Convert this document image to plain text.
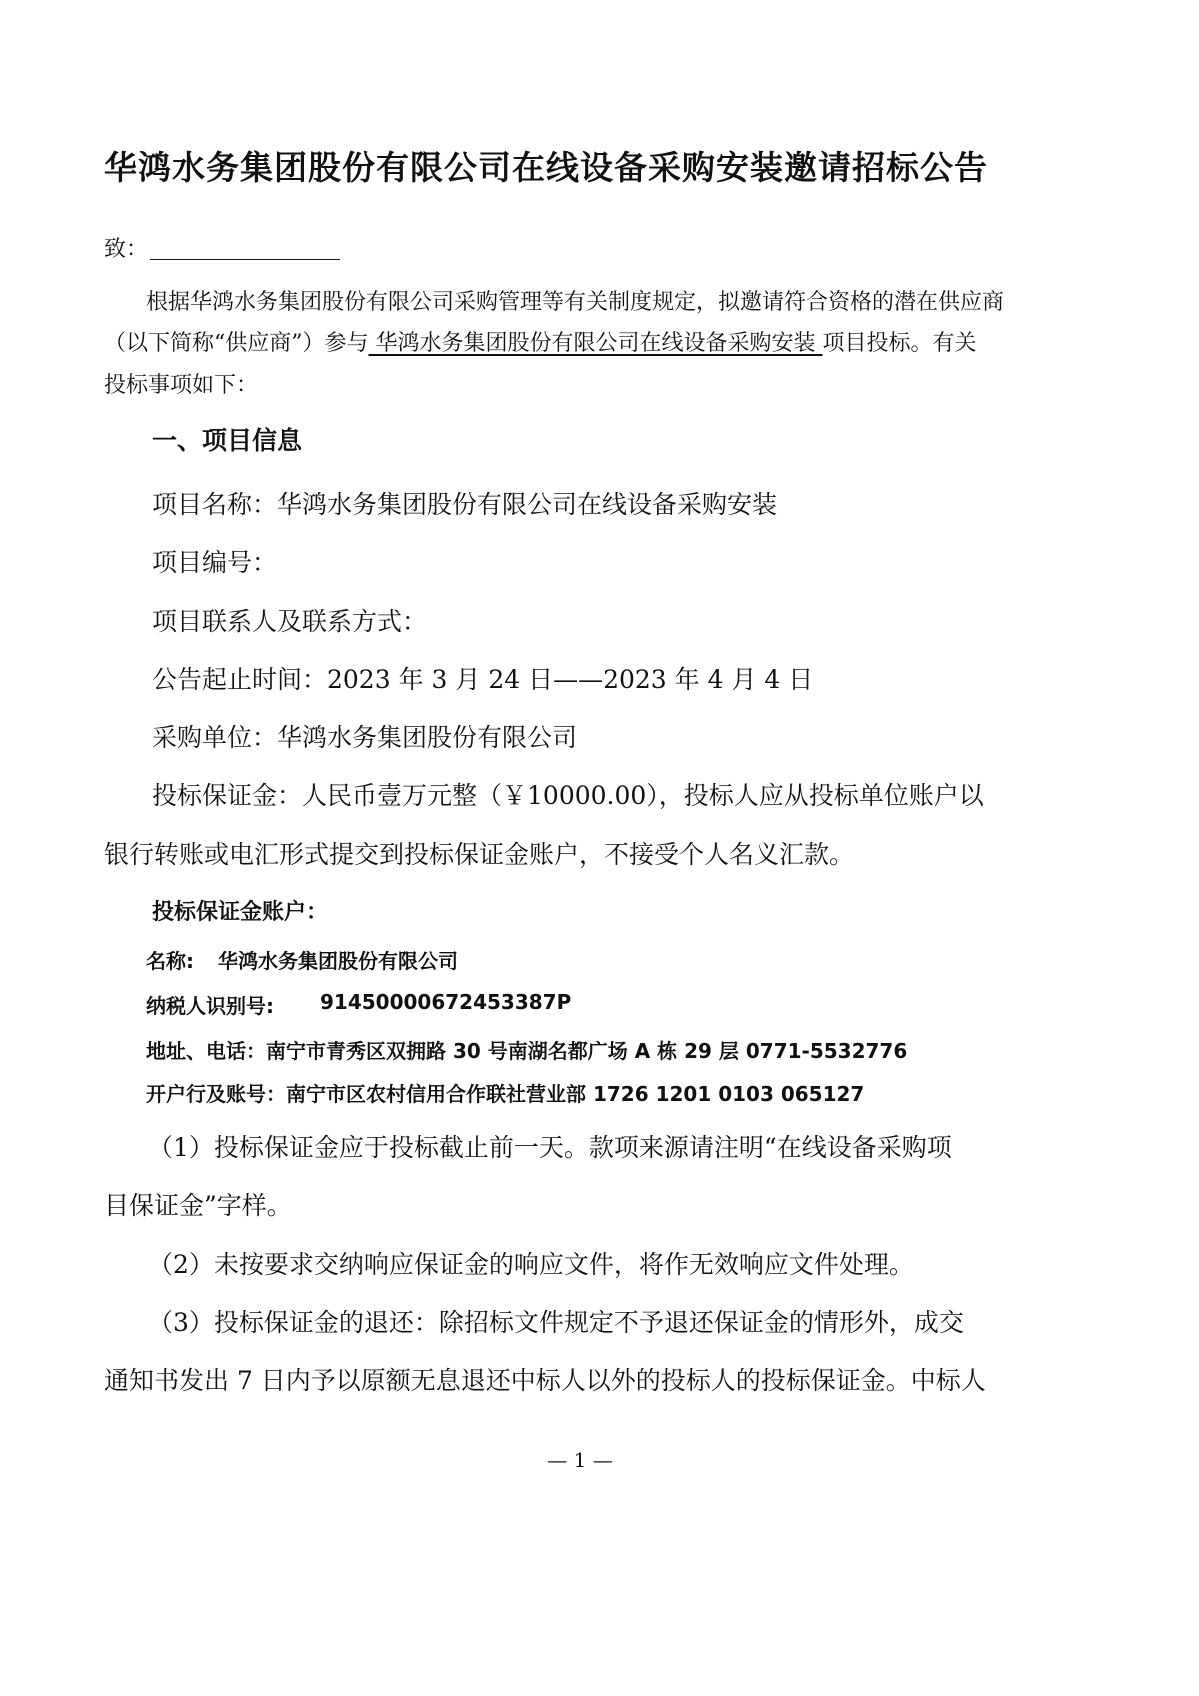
华鸿水务集团股份有限公司在线设备采购安装邀请招标公告
致：
根据华鸿水务集团股份有限公司采购管理等有关制度规定，拟邀请符合资格的潜在供应商
（以下简称“供应商”）参与 华鸿水务集团股份有限公司在线设备采购安装 项目投标。有关
投标事项如下：
一、项目信息
项目名称：华鸿水务集团股份有限公司在线设备采购安装
项目编号：
项目联系人及联系方式：
公告起止时间：2023 年 3 月 24 日——2023 年 4 月 4 日
采购单位：华鸿水务集团股份有限公司
投标保证金：人民币壹万元整（￥10000.00），投标人应从投标单位账户以
银行转账或电汇形式提交到投标保证金账户，不接受个人名义汇款。
投标保证金账户：
名称: 华鸿水务集团股份有限公司
纳税人识别号: 91450000672453387P
地址、电话：南宁市青秀区双拥路 30 号南湖名都广场 A 栋 29 层 0771-5532776
开户行及账号：南宁市区农村信用合作联社营业部 1726 1201 0103 065127
（1）投标保证金应于投标截止前一天。款项来源请注明“在线设备采购项
目保证金”字样。
（2）未按要求交纳响应保证金的响应文件，将作无效响应文件处理。
（3）投标保证金的退还：除招标文件规定不予退还保证金的情形外，成交
通知书发出 7 日内予以原额无息退还中标人以外的投标人的投标保证金。中标人
— 1 —
